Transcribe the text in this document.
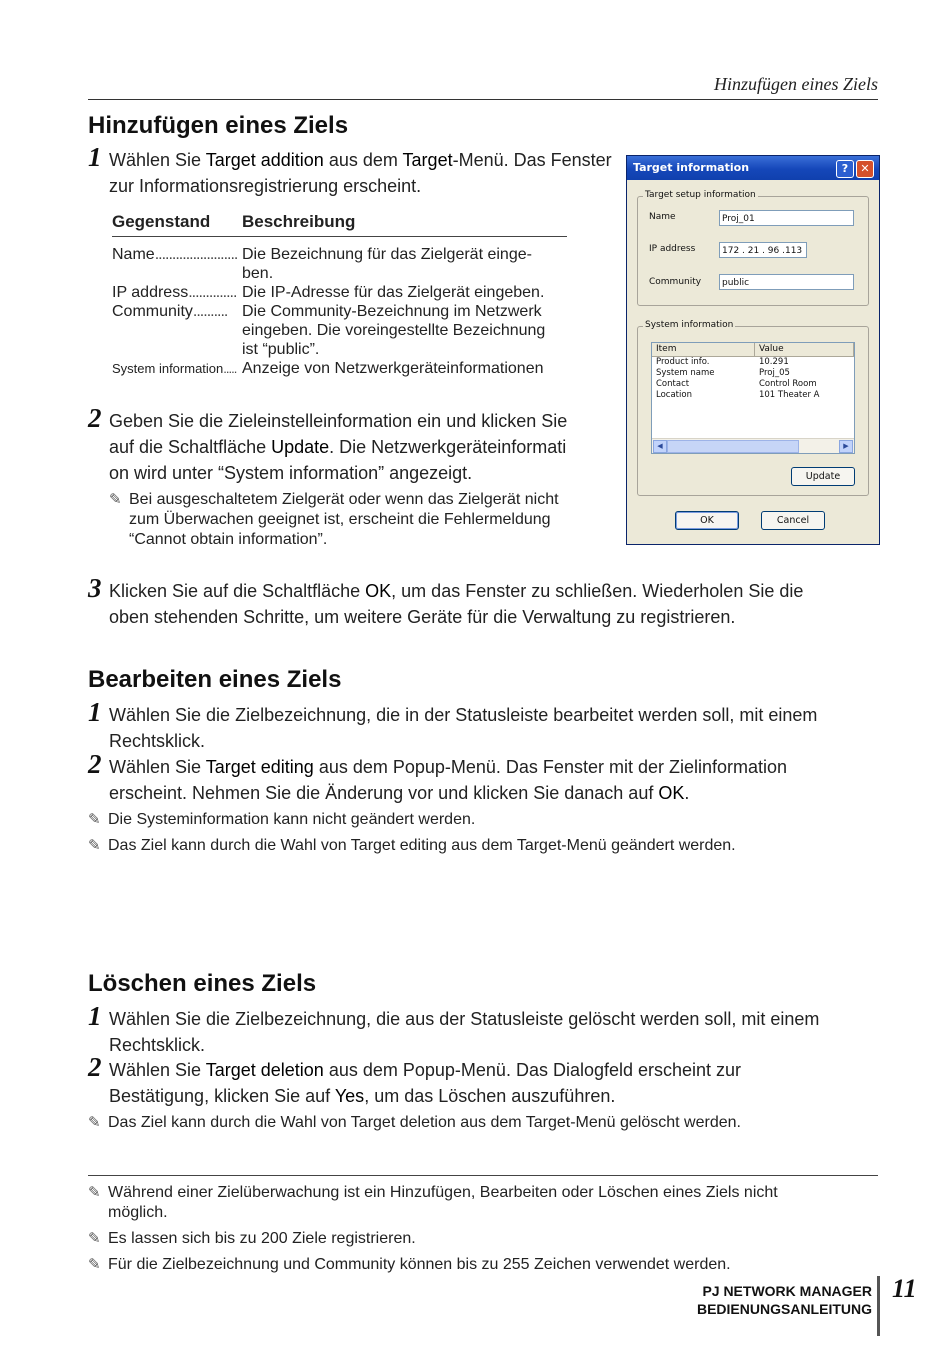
Hinzufügen eines Ziels
Hinzufügen eines Ziels
1 Wählen Sie Target addition aus dem Target-Menü. Das Fenster zur Informationsregistrierung erscheint.
Gegenstand	Beschreibung
Name........................ Die Bezeichnung für das Zielgerät einge-
ben.
IP address.............. Die IP-Adresse für das Zielgerät eingeben.
Community.......... Die Community-Bezeichnung im Netzwerk
eingeben. Die voreingestellte Bezeichnung
ist “public”.
System information..... Anzeige von Netzwerkgeräteinformationen
2 Geben Sie die Zieleinstelleinformation ein und klicken Sie
auf die Schaltfläche Update. Die Netzwerkgeräteinformati
on wird unter “System information” angezeigt.
✎ Bei ausgeschaltetem Zielgerät oder wenn das Zielgerät nicht
zum Überwachen geeignet ist, erscheint die Fehlermeldung
“Cannot obtain information”.
Target information	?	✕
Target setup information
Name	Proj_01
IP address	172 . 21 . 96 .113
Community	public
System information
Item	Value
Product info.	10.291
System name	Proj_05
Contact	Control Room
Location	101 Theater A
◀	▶
Update
OK	Cancel
3 Klicken Sie auf die Schaltfläche OK, um das Fenster zu schließen. Wiederholen Sie die
oben stehenden Schritte, um weitere Geräte für die Verwaltung zu registrieren.
Bearbeiten eines Ziels
1 Wählen Sie die Zielbezeichnung, die in der Statusleiste bearbeitet werden soll, mit einem
Rechtsklick.
2 Wählen Sie Target editing aus dem Popup-Menü. Das Fenster mit der Zielinformation
erscheint. Nehmen Sie die Änderung vor und klicken Sie danach auf OK.
✎ Die Systeminformation kann nicht geändert werden.
✎ Das Ziel kann durch die Wahl von Target editing aus dem Target-Menü geändert werden.
Löschen eines Ziels
1 Wählen Sie die Zielbezeichnung, die aus der Statusleiste gelöscht werden soll, mit einem
Rechtsklick.
2 Wählen Sie Target deletion aus dem Popup-Menü. Das Dialogfeld erscheint zur
Bestätigung, klicken Sie auf Yes, um das Löschen auszuführen.
✎ Das Ziel kann durch die Wahl von Target deletion aus dem Target-Menü gelöscht werden.
✎ Während einer Zielüberwachung ist ein Hinzufügen, Bearbeiten oder Löschen eines Ziels nicht
möglich.
✎ Es lassen sich bis zu 200 Ziele registrieren.
✎ Für die Zielbezeichnung und Community können bis zu 255 Zeichen verwendet werden.
PJ NETWORK MANAGER
BEDIENUNGSANLEITUNG
11
